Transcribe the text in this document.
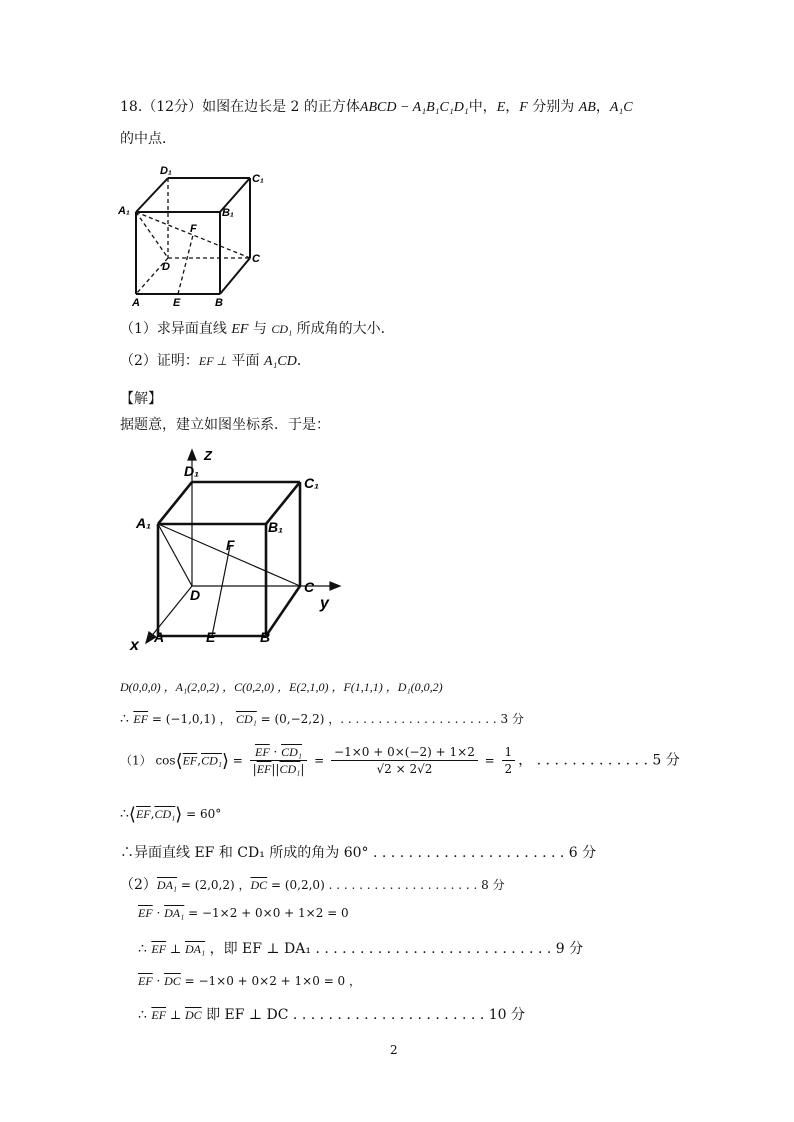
18.（12分）如图在边长是 2 的正方体ABCD − A₁B₁C₁D₁中，E，F 分别为 AB，A₁C
的中点．
D₁
C₁
A₁	B₁
F
D
C
A	E	B
（1）求异面直线 EF 与 CD₁ 所成角的大小．
（2）证明：EF ⊥ 平面 A₁CD．
【解】
据题意，建立如图坐标系．于是：
Z
D₁
C₁
A₁	B₁
F
D	C
y
x A	E	B
D(0,0,0) ，A₁(2,0,2) ，C(0,2,0) ，E(2,1,0) ，F(1,1,1) ，D₁(0,0,2)
∴ $\overline{EF} = (-1,0,1)$ ， CD₁ = (0,−2,2) ，. . . . . . . . . . . . . . . . . . . . . 3 分
（1） $\cos⟨\overline{EF},CD_1⟩ = \frac{\overline{EF} \cdot CD_1}{|\overline{EF}||CD_1|} = \frac{-1\times 0 + 0\times(-2) + 1\times 2}{√2 \times 2√2} = \frac{1}{2}$ ， . . . . . . . . . . . . . 5 分
$\therefore⟨\overline{EF},CD_1⟩ = 60^\circ$
∴异面直线 EF 和 CD₁ 所成的角为 60° . . . . . . . . . . . . . . . . . . . . . . 6 分
（2）DA₁ = (2,0,2) ，$\overline{DC} = (0,2,0)$ . . . . . . . . . . . . . . . . . . . . 8 分
$\overline{EF} \cdot DA_1 = -1\times 2 + 0\times 0 + 1\times 2 = 0$
∴ $\overline{EF}$ ⊥ DA₁ ，即 EF ⊥ DA₁ . . . . . . . . . . . . . . . . . . . . . . . . . . . 9 分
$\overline{EF} \cdot \overline{DC} = -1\times 0 + 0\times 2 + 1\times 0 = 0$ ，
∴ $\overline{EF}$ ⊥ $\overline{DC}$ 即 EF ⊥ DC . . . . . . . . . . . . . . . . . . . . . . 10 分
2
